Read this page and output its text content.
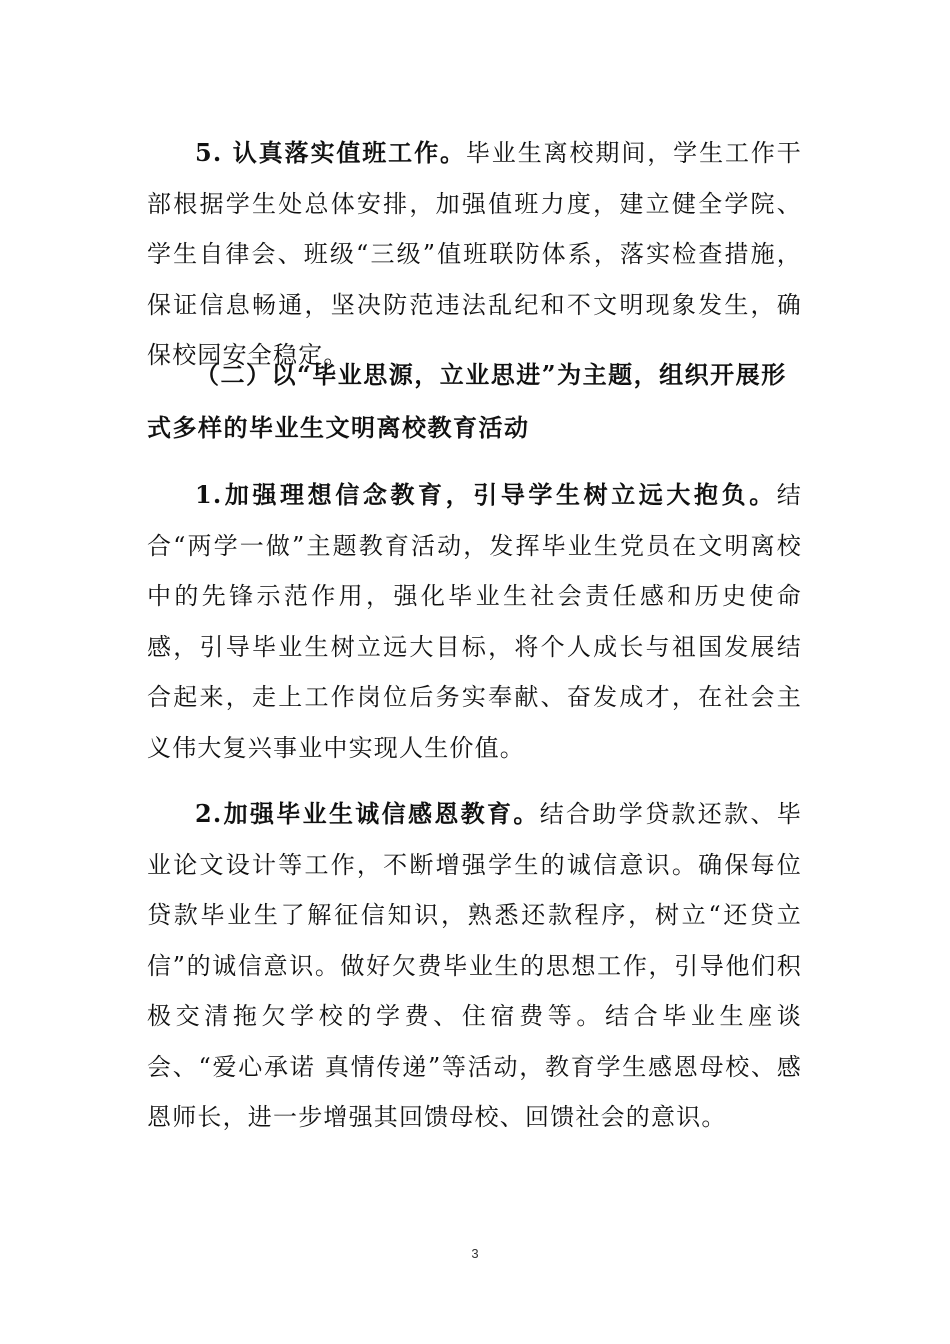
5. 认真落实值班工作。毕业生离校期间，学生工作干部根据学生处总体安排，加强值班力度，建立健全学院、学生自律会、班级“三级”值班联防体系，落实检查措施，保证信息畅通，坚决防范违法乱纪和不文明现象发生，确保校园安全稳定。

（二）以“毕业思源，立业思进”为主题，组织开展形式多样的毕业生文明离校教育活动

1.加强理想信念教育，引导学生树立远大抱负。结合“两学一做”主题教育活动，发挥毕业生党员在文明离校中的先锋示范作用，强化毕业生社会责任感和历史使命感，引导毕业生树立远大目标，将个人成长与祖国发展结合起来，走上工作岗位后务实奉献、奋发成才，在社会主义伟大复兴事业中实现人生价值。

2.加强毕业生诚信感恩教育。结合助学贷款还款、毕业论文设计等工作，不断增强学生的诚信意识。确保每位贷款毕业生了解征信知识，熟悉还款程序，树立“还贷立信”的诚信意识。做好欠费毕业生的思想工作，引导他们积极交清拖欠学校的学费、住宿费等。结合毕业生座谈会、“爱心承诺 真情传递”等活动，教育学生感恩母校、感恩师长，进一步增强其回馈母校、回馈社会的意识。

3
